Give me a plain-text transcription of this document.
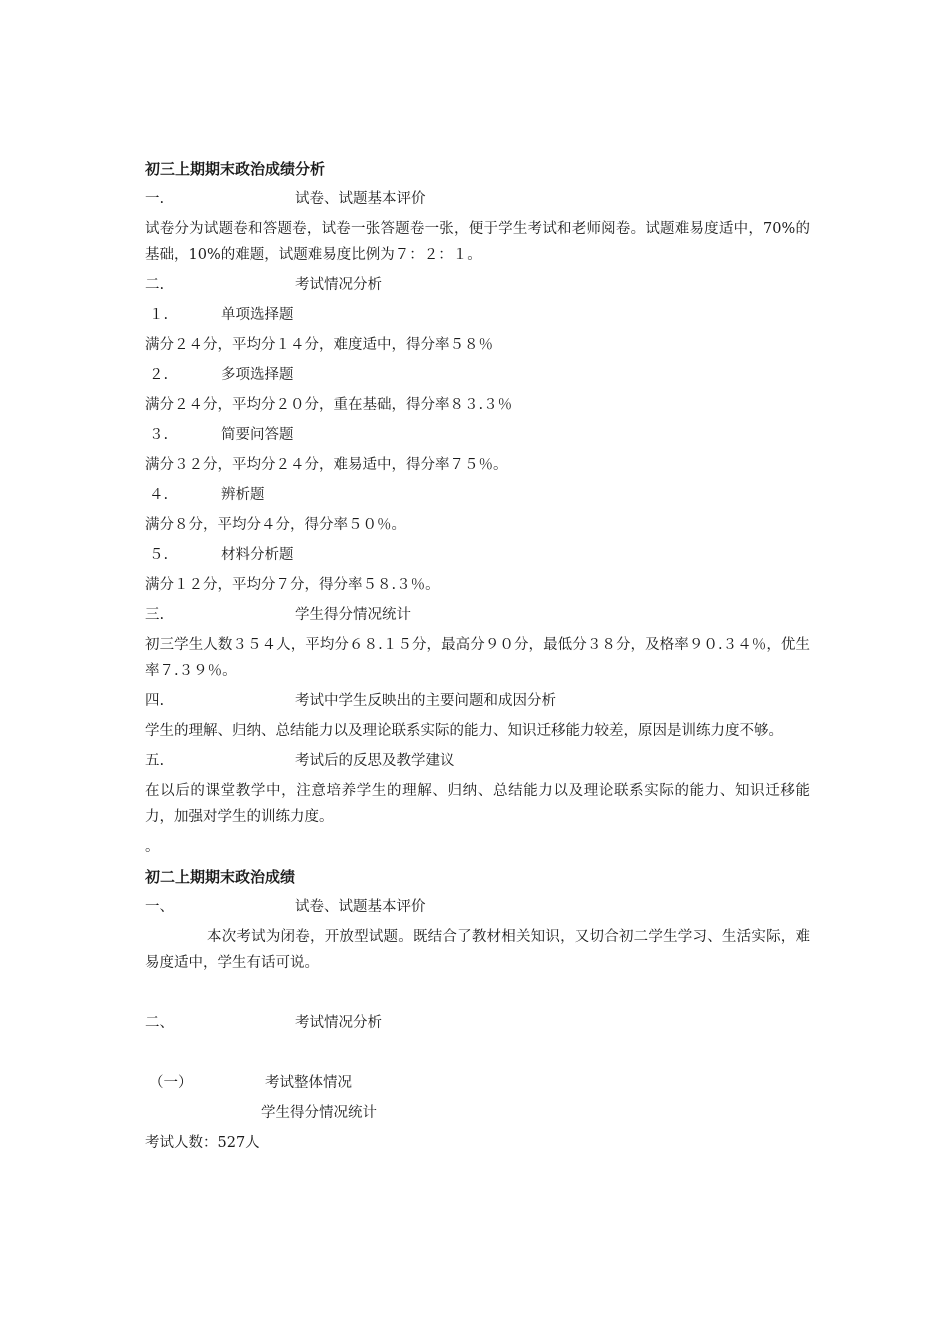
初三上期期末政治成绩分析
一.	试卷、试题基本评价
试卷分为试题卷和答题卷，试卷一张答题卷一张，便于学生考试和老师阅卷。试题难易度适中，70%的基础，10%的难题，试题难易度比例为７：２：１。
二.	考试情况分析
１.	单项选择题
满分２４分，平均分１４分，难度适中，得分率５８％
２.	多项选择题
满分２４分，平均分２０分，重在基础，得分率８３.３％
３.	简要问答题
满分３２分，平均分２４分，难易适中，得分率７５％。
４.	辨析题
满分８分，平均分４分，得分率５０％。
５.	材料分析题
满分１２分，平均分７分，得分率５８.３％。
三.	学生得分情况统计
初三学生人数３５４人，平均分６８.１５分，最高分９０分，最低分３８分，及格率９０.３４％，优生率７.３９％。
四.	考试中学生反映出的主要问题和成因分析
学生的理解、归纳、总结能力以及理论联系实际的能力、知识迁移能力较差，原因是训练力度不够。
五.	考试后的反思及教学建议
在以后的课堂教学中，注意培养学生的理解、归纳、总结能力以及理论联系实际的能力、知识迁移能力，加强对学生的训练力度。
。
初二上期期末政治成绩
一、	试卷、试题基本评价
本次考试为闭卷，开放型试题。既结合了教材相关知识，又切合初二学生学习、生活实际，难易度适中，学生有话可说。
二、	考试情况分析
（一）	考试整体情况
学生得分情况统计
考试人数：527人
